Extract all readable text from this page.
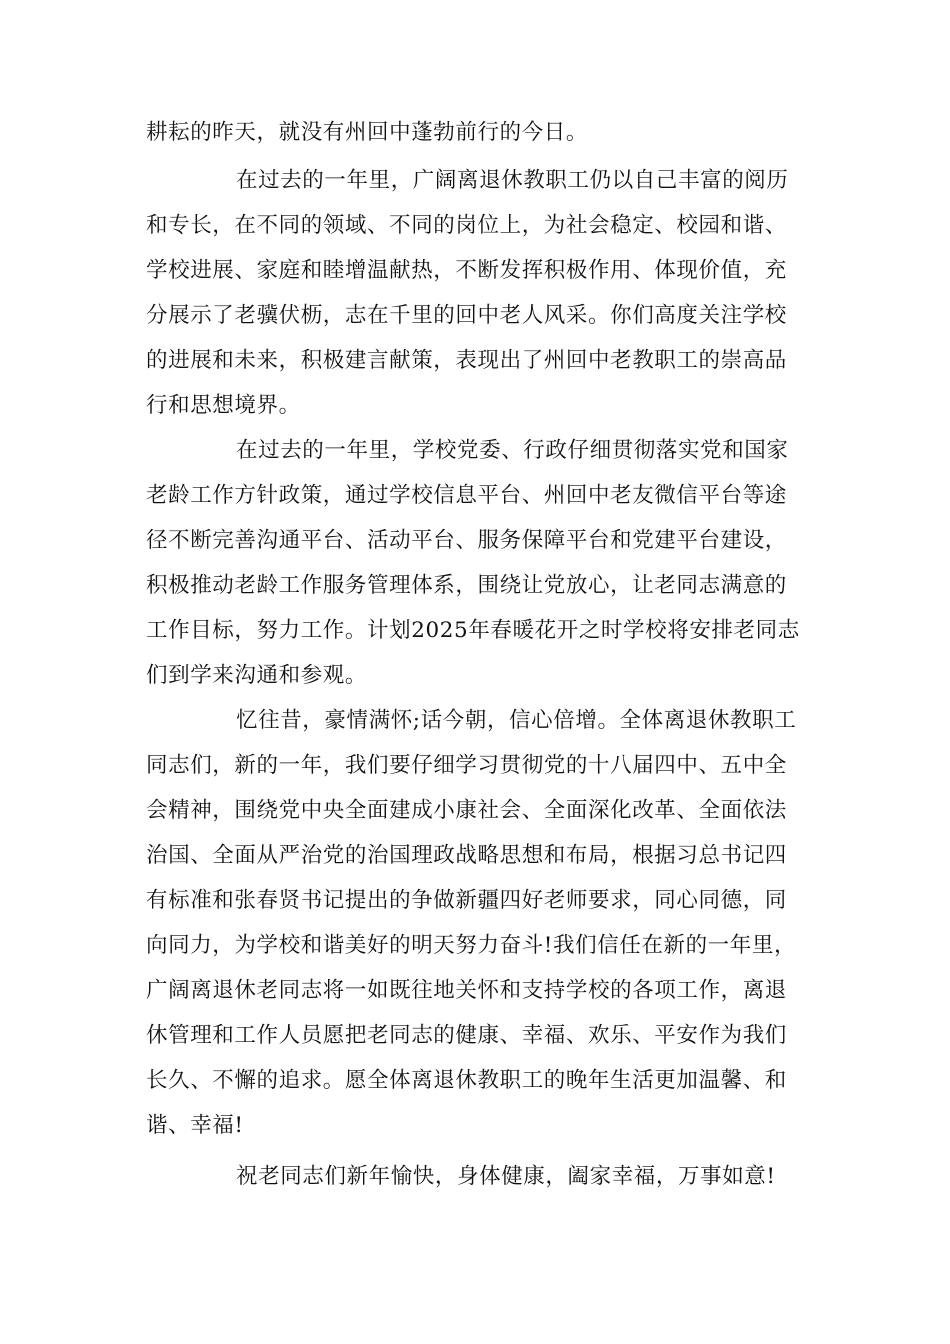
耕耘的昨天，就没有州回中蓬勃前行的今日。
在过去的一年里，广阔离退休教职工仍以自己丰富的阅历
和专长，在不同的领域、不同的岗位上，为社会稳定、校园和谐、
学校进展、家庭和睦增温献热，不断发挥积极作用、体现价值，充
分展示了老骥伏枥，志在千里的回中老人风采。你们高度关注学校
的进展和未来，积极建言献策，表现出了州回中老教职工的崇高品
行和思想境界。
在过去的一年里，学校党委、行政仔细贯彻落实党和国家
老龄工作方针政策，通过学校信息平台、州回中老友微信平台等途
径不断完善沟通平台、活动平台、服务保障平台和党建平台建设，
积极推动老龄工作服务管理体系，围绕让党放心，让老同志满意的
工作目标，努力工作。计划2025年春暖花开之时学校将安排老同志
们到学来沟通和参观。
忆往昔，豪情满怀;话今朝，信心倍增。全体离退休教职工
同志们，新的一年，我们要仔细学习贯彻党的十八届四中、五中全
会精神，围绕党中央全面建成小康社会、全面深化改革、全面依法
治国、全面从严治党的治国理政战略思想和布局，根据习总书记四
有标准和张春贤书记提出的争做新疆四好老师要求，同心同德，同
向同力，为学校和谐美好的明天努力奋斗!我们信任在新的一年里，
广阔离退休老同志将一如既往地关怀和支持学校的各项工作，离退
休管理和工作人员愿把老同志的健康、幸福、欢乐、平安作为我们
长久、不懈的追求。愿全体离退休教职工的晚年生活更加温馨、和
谐、幸福!
祝老同志们新年愉快，身体健康，阖家幸福，万事如意!
